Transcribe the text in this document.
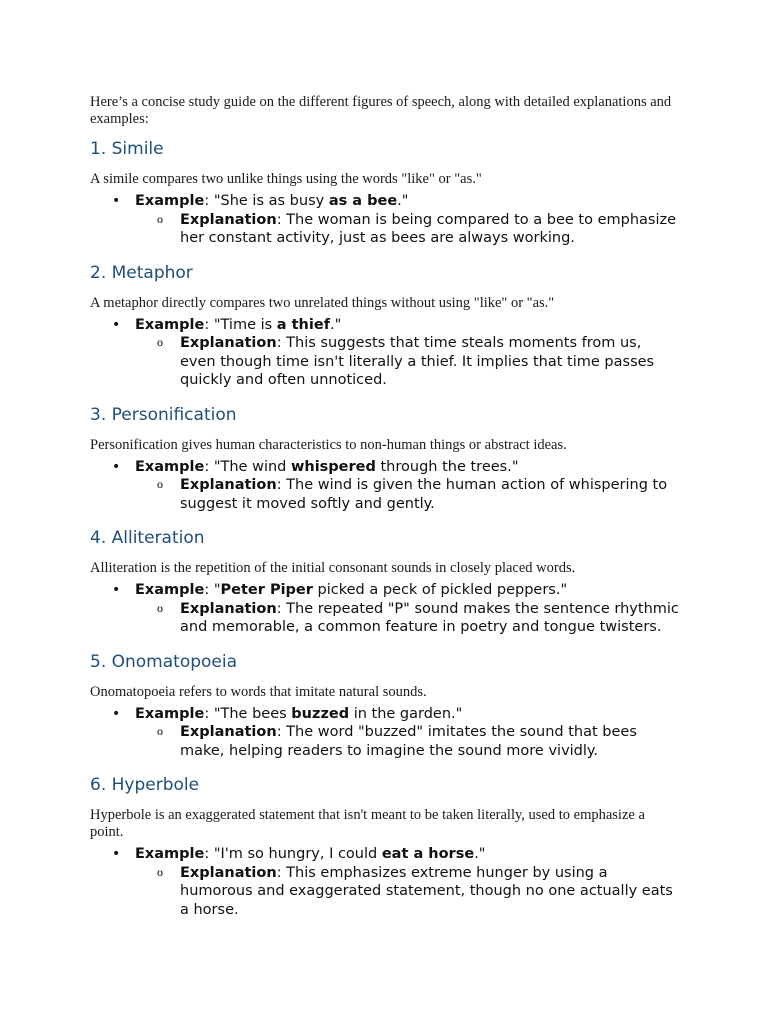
Here’s a concise study guide on the different figures of speech, along with detailed explanations and examples:

1. Simile

A simile compares two unlike things using the words "like" or "as."

• Example: "She is as busy as a bee."
o Explanation: The woman is being compared to a bee to emphasize her constant activity, just as bees are always working.
2. Metaphor

A metaphor directly compares two unrelated things without using "like" or "as."

• Example: "Time is a thief."
o Explanation: This suggests that time steals moments from us, even though time isn't literally a thief. It implies that time passes quickly and often unnoticed.
3. Personification

Personification gives human characteristics to non-human things or abstract ideas.

• Example: "The wind whispered through the trees."
o Explanation: The wind is given the human action of whispering to suggest it moved softly and gently.
4. Alliteration

Alliteration is the repetition of the initial consonant sounds in closely placed words.

• Example: "Peter Piper picked a peck of pickled peppers."
o Explanation: The repeated "P" sound makes the sentence rhythmic and memorable, a common feature in poetry and tongue twisters.
5. Onomatopoeia

Onomatopoeia refers to words that imitate natural sounds.

• Example: "The bees buzzed in the garden."
o Explanation: The word "buzzed" imitates the sound that bees make, helping readers to imagine the sound more vividly.
6. Hyperbole

Hyperbole is an exaggerated statement that isn't meant to be taken literally, used to emphasize a point.

• Example: "I'm so hungry, I could eat a horse."
o Explanation: This emphasizes extreme hunger by using a humorous and exaggerated statement, though no one actually eats a horse.
